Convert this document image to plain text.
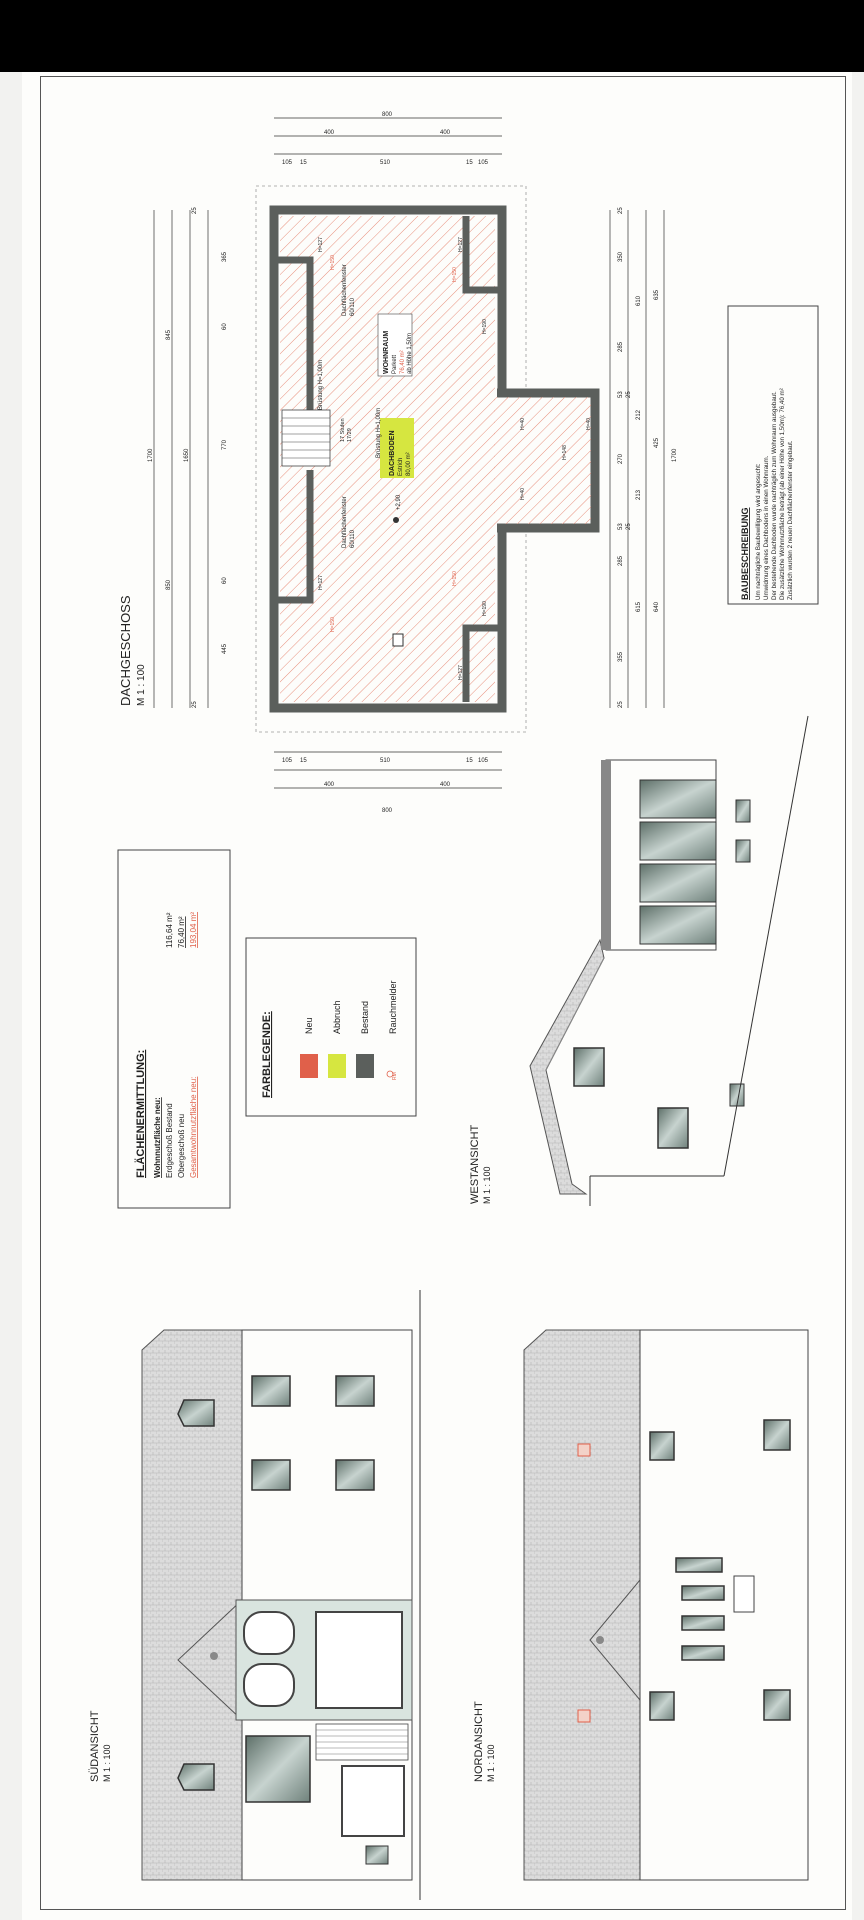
DACHGESCHOSS M 1 : 100
DACHBODEN Estrich 80,00 m²
WOHNRAUM Parkett 76,40 m² ab Höhe 1,50m
Dachflächenfenster 60/110
Dachflächenfenster 60/110
Brüstung H=1,00m
Brüstung H=1,00m
17 Stufen 17/29
+2,90
H=127
H=127	H=127
H=127
H=150
H=150
H=150
H=150
H=190
H=190
H=40
H=40
H=40
H=148
1700
845
850
1650
365
60
770
60
445
25
25
1700
610
615
350
635
285
212
425
270
213
285
640
355
25
25
53 25
25
53
800
400	400
510
105 15	105
15
800
400	400
510
105 15	105
15
BAUBESCHREIBUNG Um nachträgliche Baubewilligung wird angesucht: Umwidmung eines Dachbodens in einen Wohnraum. Der bestehende Dachboden wurde nachträglich zum Wohnraum ausgebaut. Die zusätzliche Wohnnutzfläche beträgt (ab einer Höhe von 1,50m): 76,40 m² Zusätzlich wurden 2 neuen Dachflächenfenster eingebaut.
FLÄCHENERMITTLUNG: Wohnnutzfläche neu: Erdgeschoß Bestand
116,64 m²
Obergeschoß neu
76,40 m²
Gesamtwohnnutzfläche neu:
193,04 m²
FARBLEGENDE:	RM
Neu Abbruch Bestand Rauchmelder
WESTANSICHT M 1 : 100
SÜDANSICHT M 1 : 100	NORDANSICHT M 1 : 100
